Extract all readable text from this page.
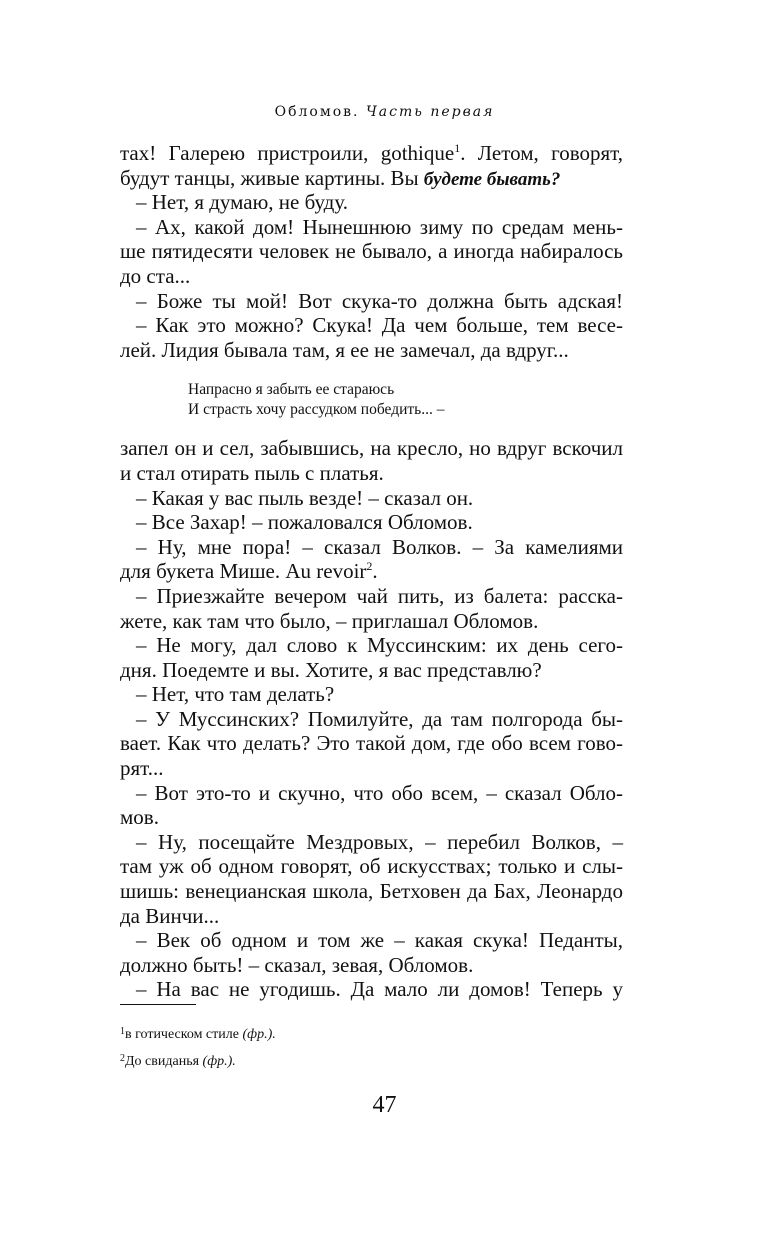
Обломов. Часть первая
тах! Галерею пристроили, gothique$^1$. Летом, говорят,
будут танцы, живые картины. Вы будете бывать?
– Нет, я думаю, не буду.
– Ах, какой дом! Нынешнюю зиму по средам мень-
ше пятидесяти человек не бывало, а иногда набиралось
до ста...
– Боже ты мой! Вот скука-то должна быть адская!
– Как это можно? Скука! Да чем больше, тем весе-
лей. Лидия бывала там, я ее не замечал, да вдруг...
Напрасно я забыть ее стараюсь
И страсть хочу рассудком победить... –
запел он и сел, забывшись, на кресло, но вдруг вскочил
и стал отирать пыль с платья.
– Какая у вас пыль везде! – сказал он.
– Все Захар! – пожаловался Обломов.
– Ну, мне пора! – сказал Волков. – За камелиями
для букета Мише. Au revoir$^2$.
– Приезжайте вечером чай пить, из балета: расска-
жете, как там что было, – приглашал Обломов.
– Не могу, дал слово к Муссинским: их день сего-
дня. Поедемте и вы. Хотите, я вас представлю?
– Нет, что там делать?
– У Муссинских? Помилуйте, да там полгорода бы-
вает. Как что делать? Это такой дом, где обо всем гово-
рят...
– Вот это-то и скучно, что обо всем, – сказал Обло-
мов.
– Ну, посещайте Мездровых, – перебил Волков, –
там уж об одном говорят, об искусствах; только и слы-
шишь: венецианская школа, Бетховен да Бах, Леонардо
да Винчи...
– Век об одном и том же – какая скука! Педанты,
должно быть! – сказал, зевая, Обломов.
– На вас не угодишь. Да мало ли домов! Теперь у
$^1$в готическом стиле (фр.).
$^2$До свиданья (фр.).
47
